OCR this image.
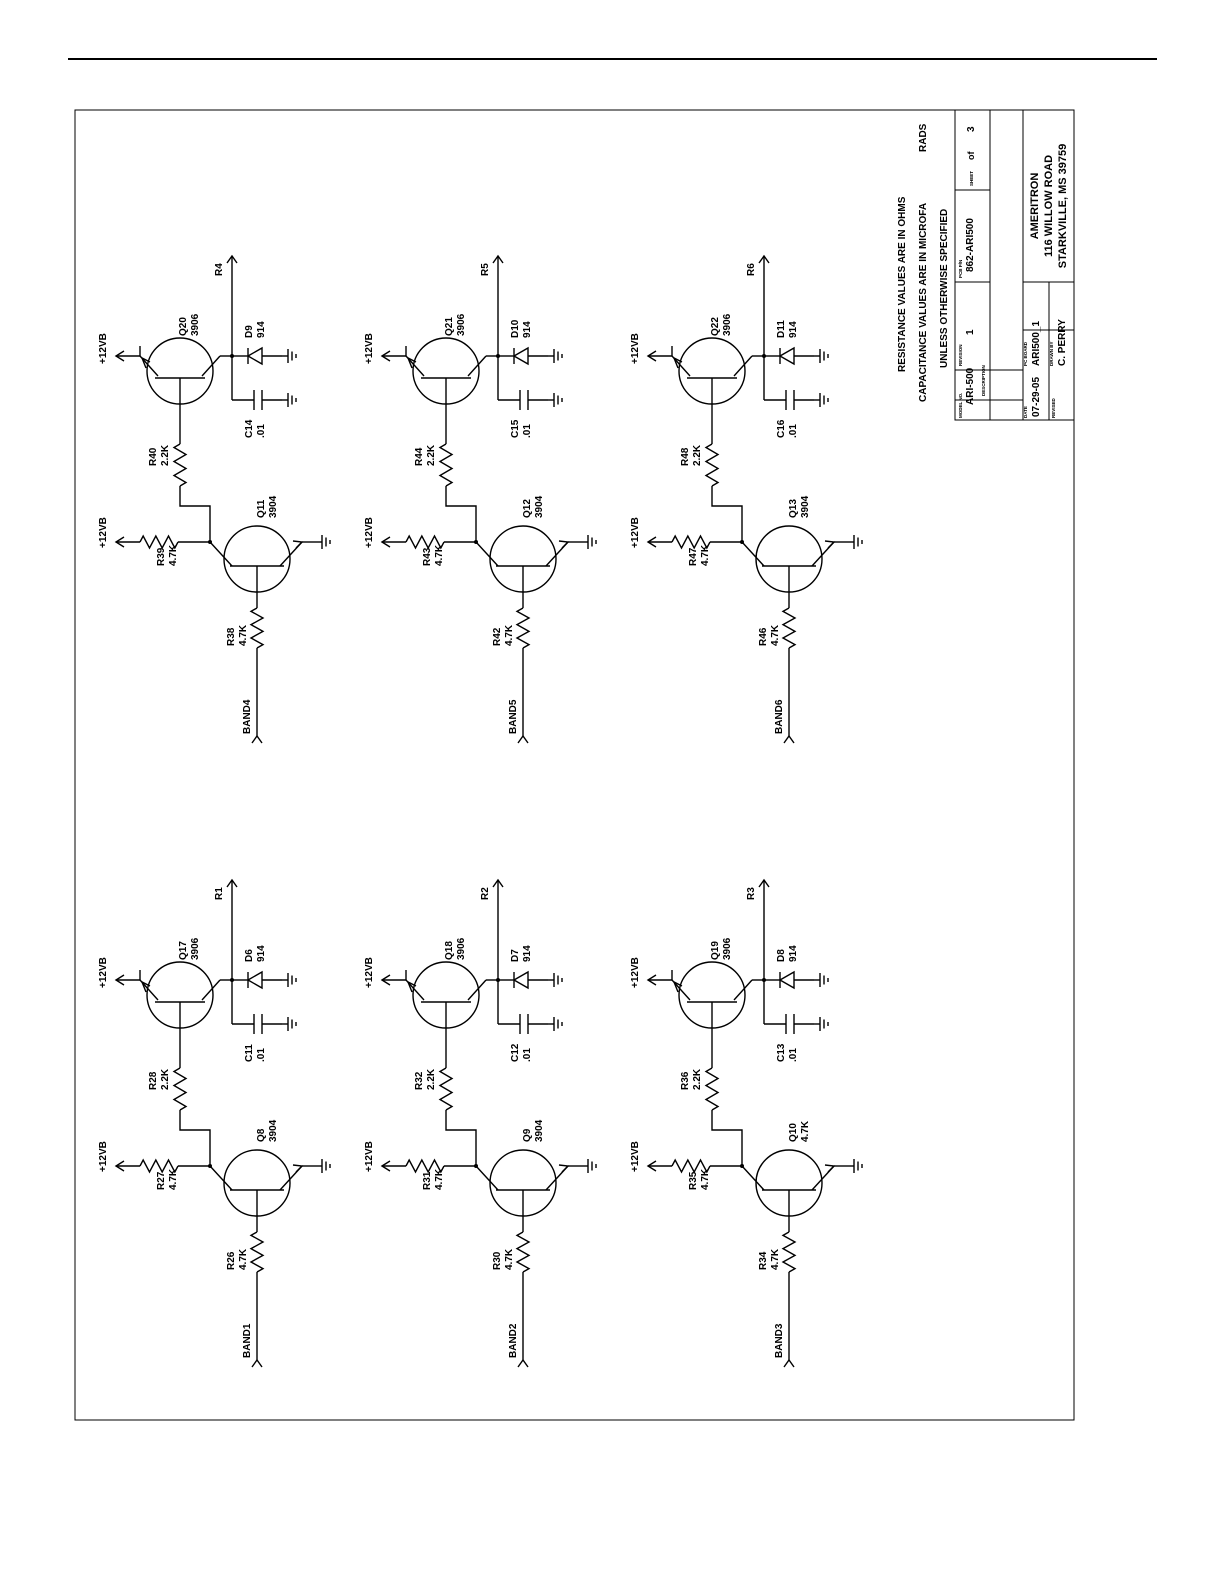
BAND1
R26 4.7K
Q8 3904
+12VB
R27 4.7K
R28 2.2K
+12VB
Q17 3906
R1
D6 914
C11 .01
BAND2
R30 4.7K
Q9 3904
+12VB
R31 4.7K
R32 2.2K
+12VB
Q18 3906
R2
D7 914
C12 .01
BAND3
R34 4.7K
Q10 4.7K
+12VB
R35 4.7K
R36 2.2K
+12VB
Q19 3906
R3
D8 914
C13 .01
BAND4
R38 4.7K
Q11 3904
+12VB
R39 4.7K
R40 2.2K
+12VB
Q20 3906
R4
D9 914
C14 .01
BAND5
R42 4.7K
Q12 3904
+12VB
R43 4.7K
R44 2.2K
+12VB
Q21 3906
R5
D10 914
C15 .01
BAND6
R46 4.7K
Q13 3904
+12VB
R47 4.7K
R48 2.2K
+12VB
Q22 3906
R6
D11 914
C16 .01
RESISTANCE VALUES ARE IN OHMS CAPACITANCE VALUES ARE IN MICROFA
RADS
UNLESS OTHERWISE SPECIFIED
MODEL NO.
ARI-500
REVISION
1
PCB P/N 862-ARI500
SHEET
of
3
DESCRIPTION
DATE 07-29-05 REVISED
PC BOARD ARI500_1 DRAWN BY C. PERRY
AMERITRON 116 WILLOW ROAD STARKVILLE, MS 39759
